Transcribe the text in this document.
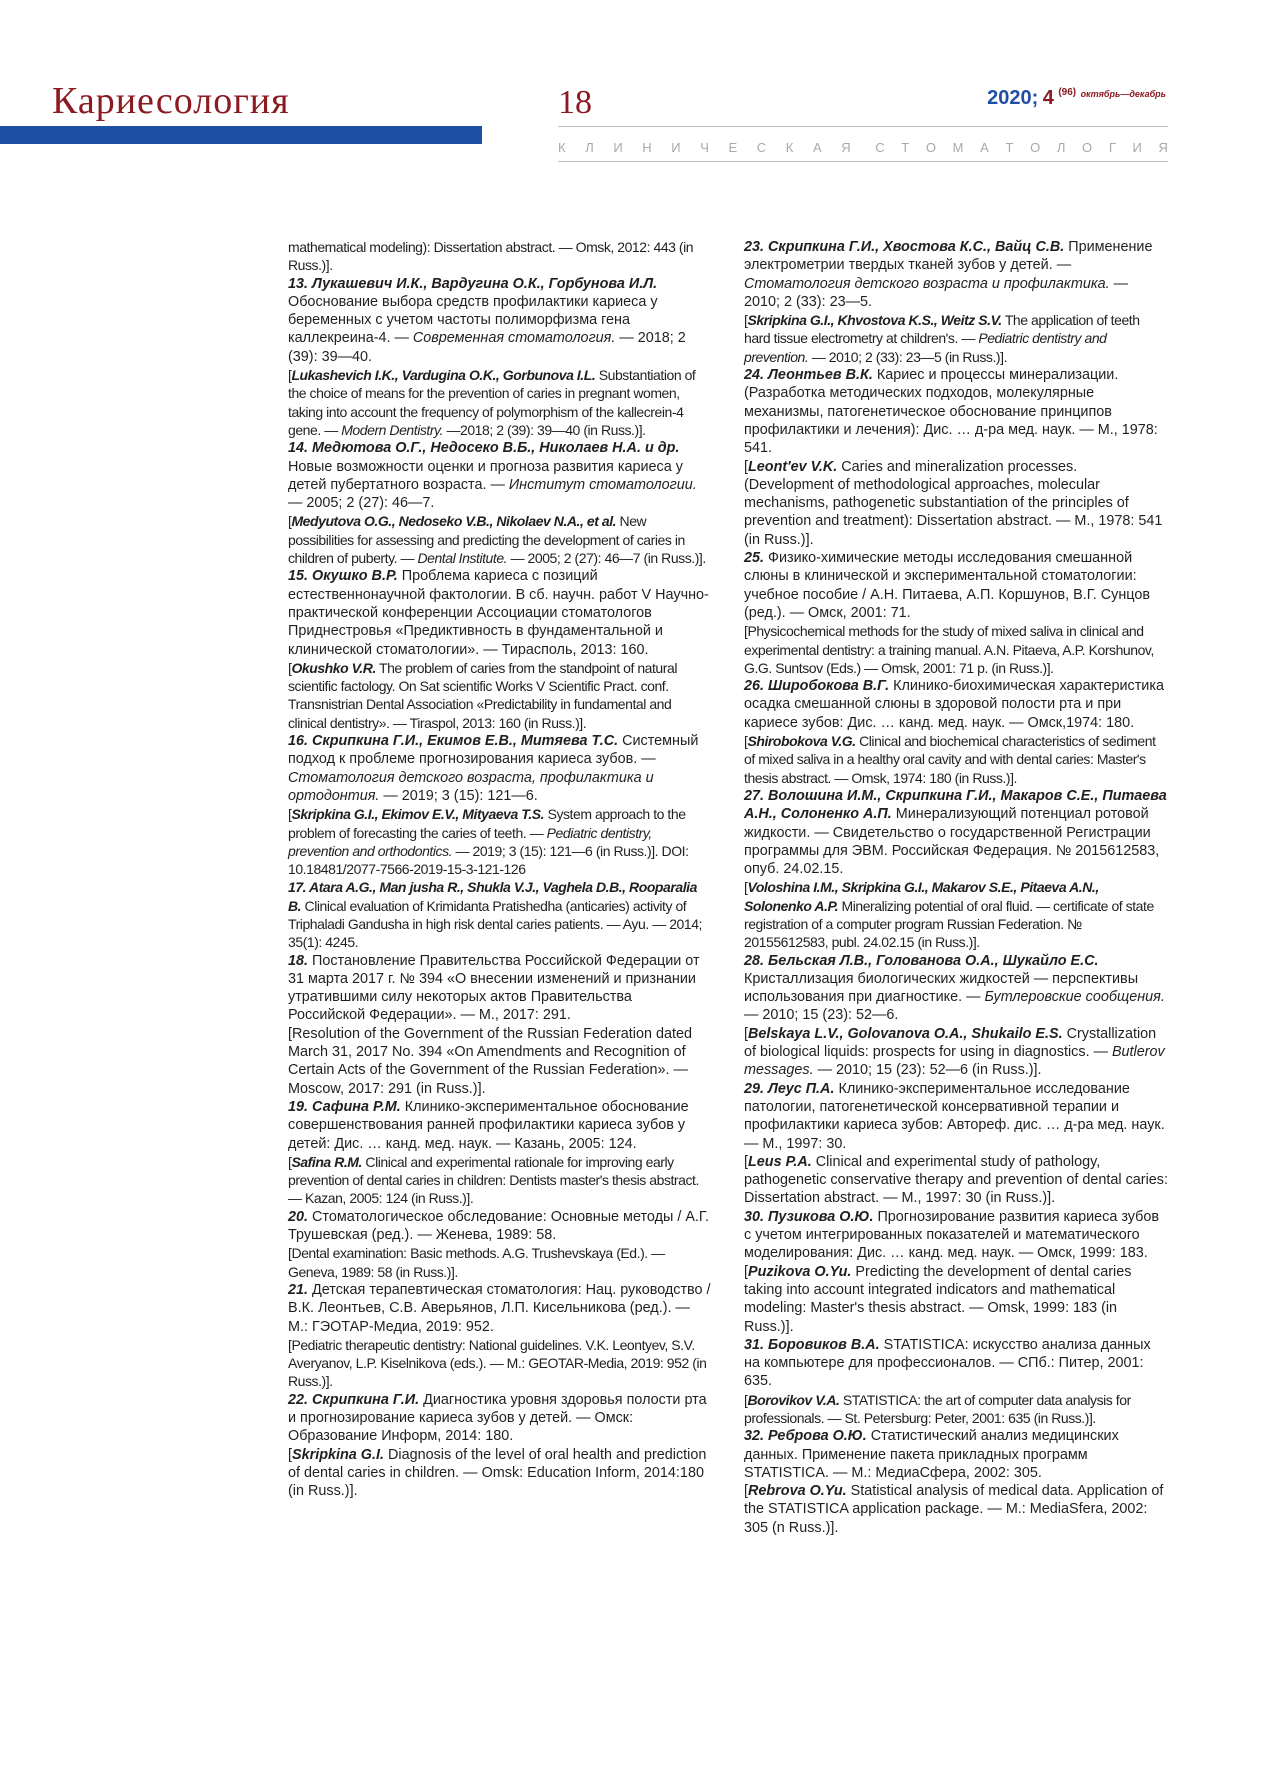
Кариесология	18	2020; 4 $^{(96)}$ $^{октябрь—декабрь}$
К Л И Н И Ч Е С К А Я С Т О М А Т О Л О Г И Я

mathematical modeling): Dissertation abstract. — Omsk, 2012: 443 (in Russ.)].

13. Лукашевич И.К., Вардугина О.К., Горбунова И.Л. Обоснование выбора средств профилактики кариеса у беременных с учетом частоты полиморфизма гена каллекреина-4. — Современная стоматология. — 2018; 2 (39): 39—40.

[Lukashevich I.K., Vardugina O.K., Gorbunova I.L. Substantiation of the choice of means for the prevention of caries in pregnant women, taking into account the frequency of polymorphism of the kallecrein-4 gene. — Modern Dentistry. —2018; 2 (39): 39—40 (in Russ.)].

14. Медютова О.Г., Недосеко В.Б., Николаев Н.А. и др. Новые возможности оценки и прогноза развития кариеса у детей пубертатного возраста. — Институт стоматологии. — 2005; 2 (27): 46—7.

[Medyutova O.G., Nedoseko V.B., Nikolaev N.A., et al. New possibilities for assessing and predicting the development of caries in children of puberty. — Dental Institute. — 2005; 2 (27): 46—7 (in Russ.)].

15. Окушко В.Р. Проблема кариеса с позиций естественнонаучной фактологии. В сб. научн. работ V Научно-практической конференции Ассоциации стоматологов Приднестровья «Предиктивность в фундаментальной и клинической стоматологии». — Тирасполь, 2013: 160.

[Okushko V.R. The problem of caries from the standpoint of natural scientific factology. On Sat scientific Works V Scientific Pract. conf. Transnistrian Dental Association «Predictability in fundamental and clinical dentistry». — Tiraspol, 2013: 160 (in Russ.)].

16. Скрипкина Г.И., Екимов Е.В., Митяева Т.С. Системный подход к проблеме прогнозирования кариеса зубов. — Стоматология детского возраста, профилактика и ортодонтия. — 2019; 3 (15): 121—6.

[Skripkina G.I., Ekimov E.V., Mityaeva T.S. System approach to the problem of forecasting the caries of teeth. — Pediatric dentistry, prevention and orthodontics. — 2019; 3 (15): 121—6 (in Russ.)]. DOI: 10.18481/2077-7566-2019-15-3-121-126

17. Atara A.G., Man jusha R., Shukla V.J., Vaghela D.B., Rooparalia B. Clinical evaluation of Krimidanta Pratishedha (anticaries) activity of Triphaladi Gandusha in high risk dental caries patients. — Ayu. — 2014; 35(1): 4245.

18. Постановление Правительства Российской Федерации от 31 марта 2017 г. № 394 «О внесении изменений и признании утратившими силу некоторых актов Правительства Российской Федерации». — М., 2017: 291.

[Resolution of the Government of the Russian Federation dated March 31, 2017 No. 394 «On Amendments and Recognition of Certain Acts of the Government of the Russian Federation». — Moscow, 2017: 291 (in Russ.)].

19. Сафина Р.М. Клинико-экспериментальное обоснование совершенствования ранней профилактики кариеса зубов у детей: Дис. … канд. мед. наук. — Казань, 2005: 124.

[Safina R.M. Clinical and experimental rationale for improving early prevention of dental caries in children: Dentists master's thesis abstract. — Kazan, 2005: 124 (in Russ.)].

20. Стоматологическое обследование: Основные методы / А.Г. Трушевская (ред.). — Женева, 1989: 58.

[Dental examination: Basic methods. A.G. Trushevskaya (Ed.). — Geneva, 1989: 58 (in Russ.)].

21. Детская терапевтическая стоматология: Нац. руководство / В.К. Леонтьев, С.В. Аверьянов, Л.П. Кисельникова (ред.). — М.: ГЭОТАР-Медиа, 2019: 952.

[Pediatric therapeutic dentistry: National guidelines. V.K. Leontyev, S.V. Averyanov, L.P. Kiselnikova (eds.). — M.: GEOTAR-Media, 2019: 952 (in Russ.)].

22. Скрипкина Г.И. Диагностика уровня здоровья полости рта и прогнозирование кариеса зубов у детей. — Омск: Образование Информ, 2014: 180.

[Skripkina G.I. Diagnosis of the level of oral health and prediction of dental caries in children. — Omsk: Education Inform, 2014:180 (in Russ.)].

23. Скрипкина Г.И., Хвостова К.С., Вайц С.В. Применение электрометрии твердых тканей зубов у детей. — Стоматология детского возраста и профилактика. — 2010; 2 (33): 23—5.

[Skripkina G.I., Khvostova K.S., Weitz S.V. The application of teeth hard tissue electrometry at children's. — Pediatric dentistry and prevention. — 2010; 2 (33): 23—5 (in Russ.)].

24. Леонтьев В.К. Кариес и процессы минерализации. (Разработка методических подходов, молекулярные механизмы, патогенетическое обоснование принципов профилактики и лечения): Дис. … д-ра мед. наук. — М., 1978: 541.

[Leont'ev V.K. Caries and mineralization processes. (Development of methodological approaches, molecular mechanisms, pathogenetic substantiation of the principles of prevention and treatment): Dissertation abstract. — M., 1978: 541 (in Russ.)].

25. Физико-химические методы исследования смешанной слюны в клинической и экспериментальной стоматологии: учебное пособие / А.Н. Питаева, А.П. Коршунов, В.Г. Сунцов (ред.). — Омск, 2001: 71.

[Physicochemical methods for the study of mixed saliva in clinical and experimental dentistry: a training manual. A.N. Pitaeva, A.P. Korshunov, G.G. Suntsov (Eds.) — Omsk, 2001: 71 p. (in Russ.)].

26. Широбокова В.Г. Клинико-биохимическая характеристика осадка смешанной слюны в здоровой полости рта и при кариесе зубов: Дис. … канд. мед. наук. — Омск,1974: 180.

[Shirobokova V.G. Clinical and biochemical characteristics of sediment of mixed saliva in a healthy oral cavity and with dental caries: Master's thesis abstract. — Omsk, 1974: 180 (in Russ.)].

27. Волошина И.М., Скрипкина Г.И., Макаров С.Е., Питаева А.Н., Солоненко А.П. Минерализующий потенциал ротовой жидкости. — Свидетельство о государственной Регистрации программы для ЭВМ. Российская Федерация. № 2015612583, опуб. 24.02.15.

[Voloshina I.M., Skripkina G.I., Makarov S.E., Pitaeva A.N., Solonenko A.P. Mineralizing potential of oral fluid. — certificate of state registration of a computer program Russian Federation. № 20155612583, publ. 24.02.15 (in Russ.)].

28. Бельская Л.В., Голованова О.А., Шукайло Е.С. Кристаллизация биологических жидкостей — перспективы использования при диагностике. — Бутлеровские сообщения. — 2010; 15 (23): 52—6.

[Belskaya L.V., Golovanova O.A., Shukailo E.S. Crystallization of biological liquids: prospects for using in diagnostics. — Butlerov messages. — 2010; 15 (23): 52—6 (in Russ.)].

29. Леус П.А. Клинико-экспериментальное исследование патологии, патогенетической консервативной терапии и профилактики кариеса зубов: Автореф. дис. … д-ра мед. наук. — М., 1997: 30.

[Leus P.A. Clinical and experimental study of pathology, pathogenetic conservative therapy and prevention of dental caries: Dissertation abstract. — M., 1997: 30 (in Russ.)].

30. Пузикова О.Ю. Прогнозирование развития кариеса зубов с учетом интегрированных показателей и математического моделирования: Дис. … канд. мед. наук. — Омск, 1999: 183.

[Puzikova O.Yu. Predicting the development of dental caries taking into account integrated indicators and mathematical modeling: Master's thesis abstract. — Omsk, 1999: 183 (in Russ.)].

31. Боровиков В.А. STATISTICA: искусство анализа данных на компьютере для профессионалов. — СПб.: Питер, 2001: 635.

[Borovikov V.A. STATISTICA: the art of computer data analysis for professionals. — St. Petersburg: Peter, 2001: 635 (in Russ.)].

32. Реброва О.Ю. Статистический анализ медицинских данных. Применение пакета прикладных программ STATISTICA. — М.: МедиаСфера, 2002: 305.

[Rebrova O.Yu. Statistical analysis of medical data. Application of the STATISTICA application package. — M.: MediaSfera, 2002: 305 (n Russ.)].
